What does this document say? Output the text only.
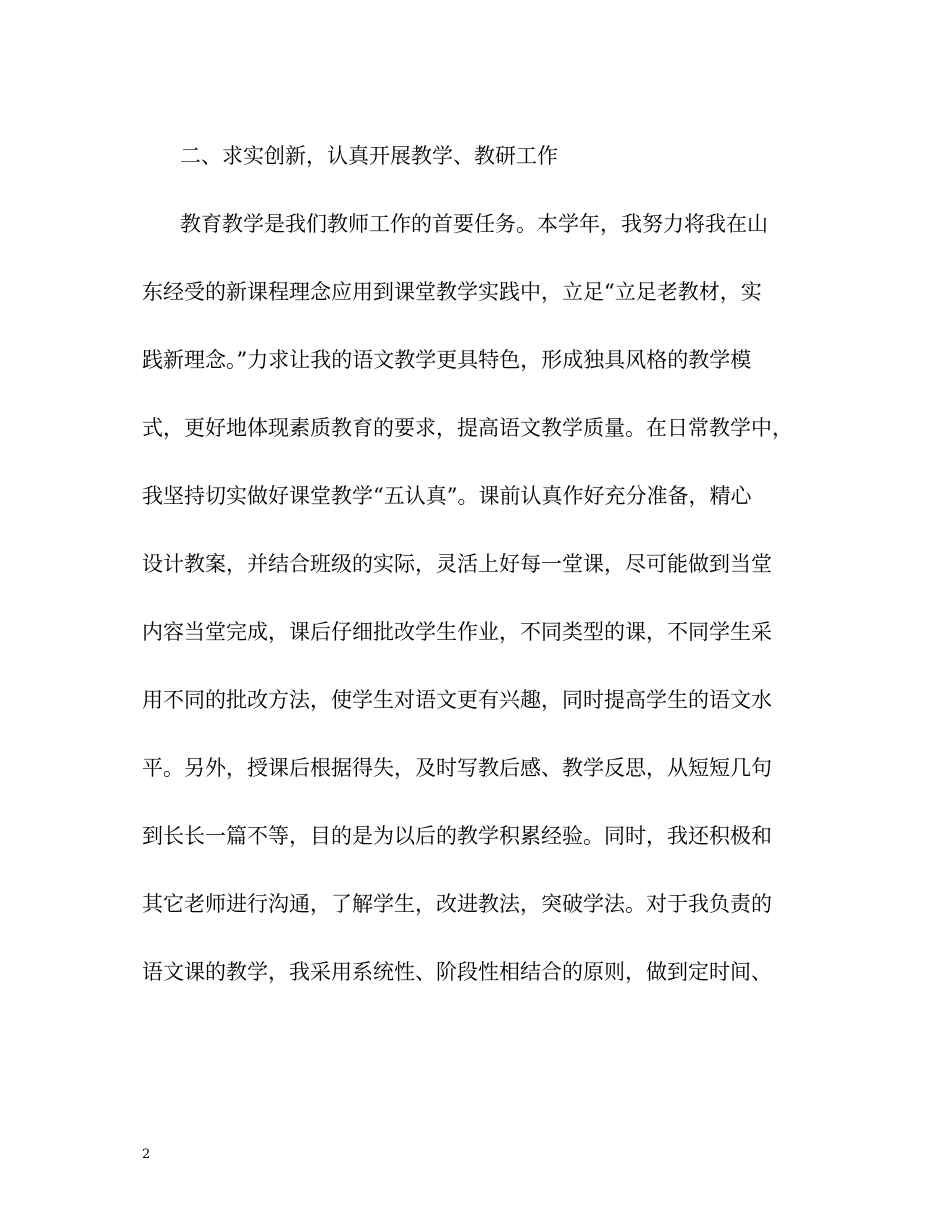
二、求实创新，认真开展教学、教研工作
教育教学是我们教师工作的首要任务。本学年，我努力将我在山
东经受的新课程理念应用到课堂教学实践中，立足“立足老教材，实
践新理念。”力求让我的语文教学更具特色，形成独具风格的教学模
式，更好地体现素质教育的要求，提高语文教学质量。在日常教学中，
我坚持切实做好课堂教学“五认真”。课前认真作好充分准备，精心
设计教案，并结合班级的实际，灵活上好每一堂课，尽可能做到当堂
内容当堂完成，课后仔细批改学生作业，不同类型的课，不同学生采
用不同的批改方法，使学生对语文更有兴趣，同时提高学生的语文水
平。另外，授课后根据得失，及时写教后感、教学反思，从短短几句
到长长一篇不等，目的是为以后的教学积累经验。同时，我还积极和
其它老师进行沟通，了解学生，改进教法，突破学法。对于我负责的
语文课的教学，我采用系统性、阶段性相结合的原则，做到定时间、
2
